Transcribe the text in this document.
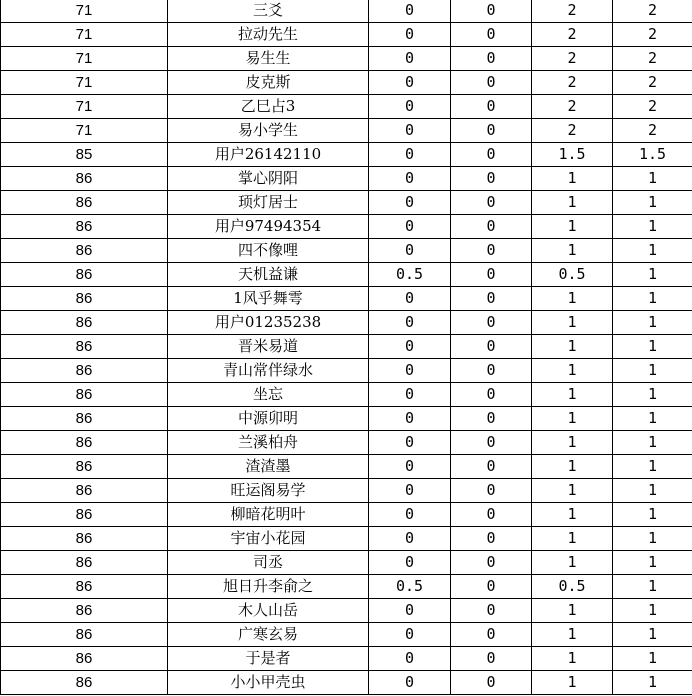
71	三爻	0	0	2	2
71	拉动先生	0	0	2	2
71	易生生	0	0	2	2
71	皮克斯	0	0	2	2
71	乙巳占3	0	0	2	2
71	易小学生	0	0	2	2
85	用户26142110	0	0	1.5	1.5
86	掌心阴阳	0	0	1	1
86	顼灯居士	0	0	1	1
86	用户97494354	0	0	1	1
86	四不像哩	0	0	1	1
86	天机益谦	0.5	0	0.5	1
86	1风乎舞雩	0	0	1	1
86	用户01235238	0	0	1	1
86	晋米易道	0	0	1	1
86	青山常伴绿水	0	0	1	1
86	坐忘	0	0	1	1
86	中源卯明	0	0	1	1
86	兰溪柏舟	0	0	1	1
86	渣渣墨	0	0	1	1
86	旺运阁易学	0	0	1	1
86	柳暗花明叶	0	0	1	1
86	宇宙小花园	0	0	1	1
86	司丞	0	0	1	1
86	旭日升李俞之	0.5	0	0.5	1
86	木人山岳	0	0	1	1
86	广寒玄易	0	0	1	1
86	于是者	0	0	1	1
86	小小甲壳虫	0	0	1	1
